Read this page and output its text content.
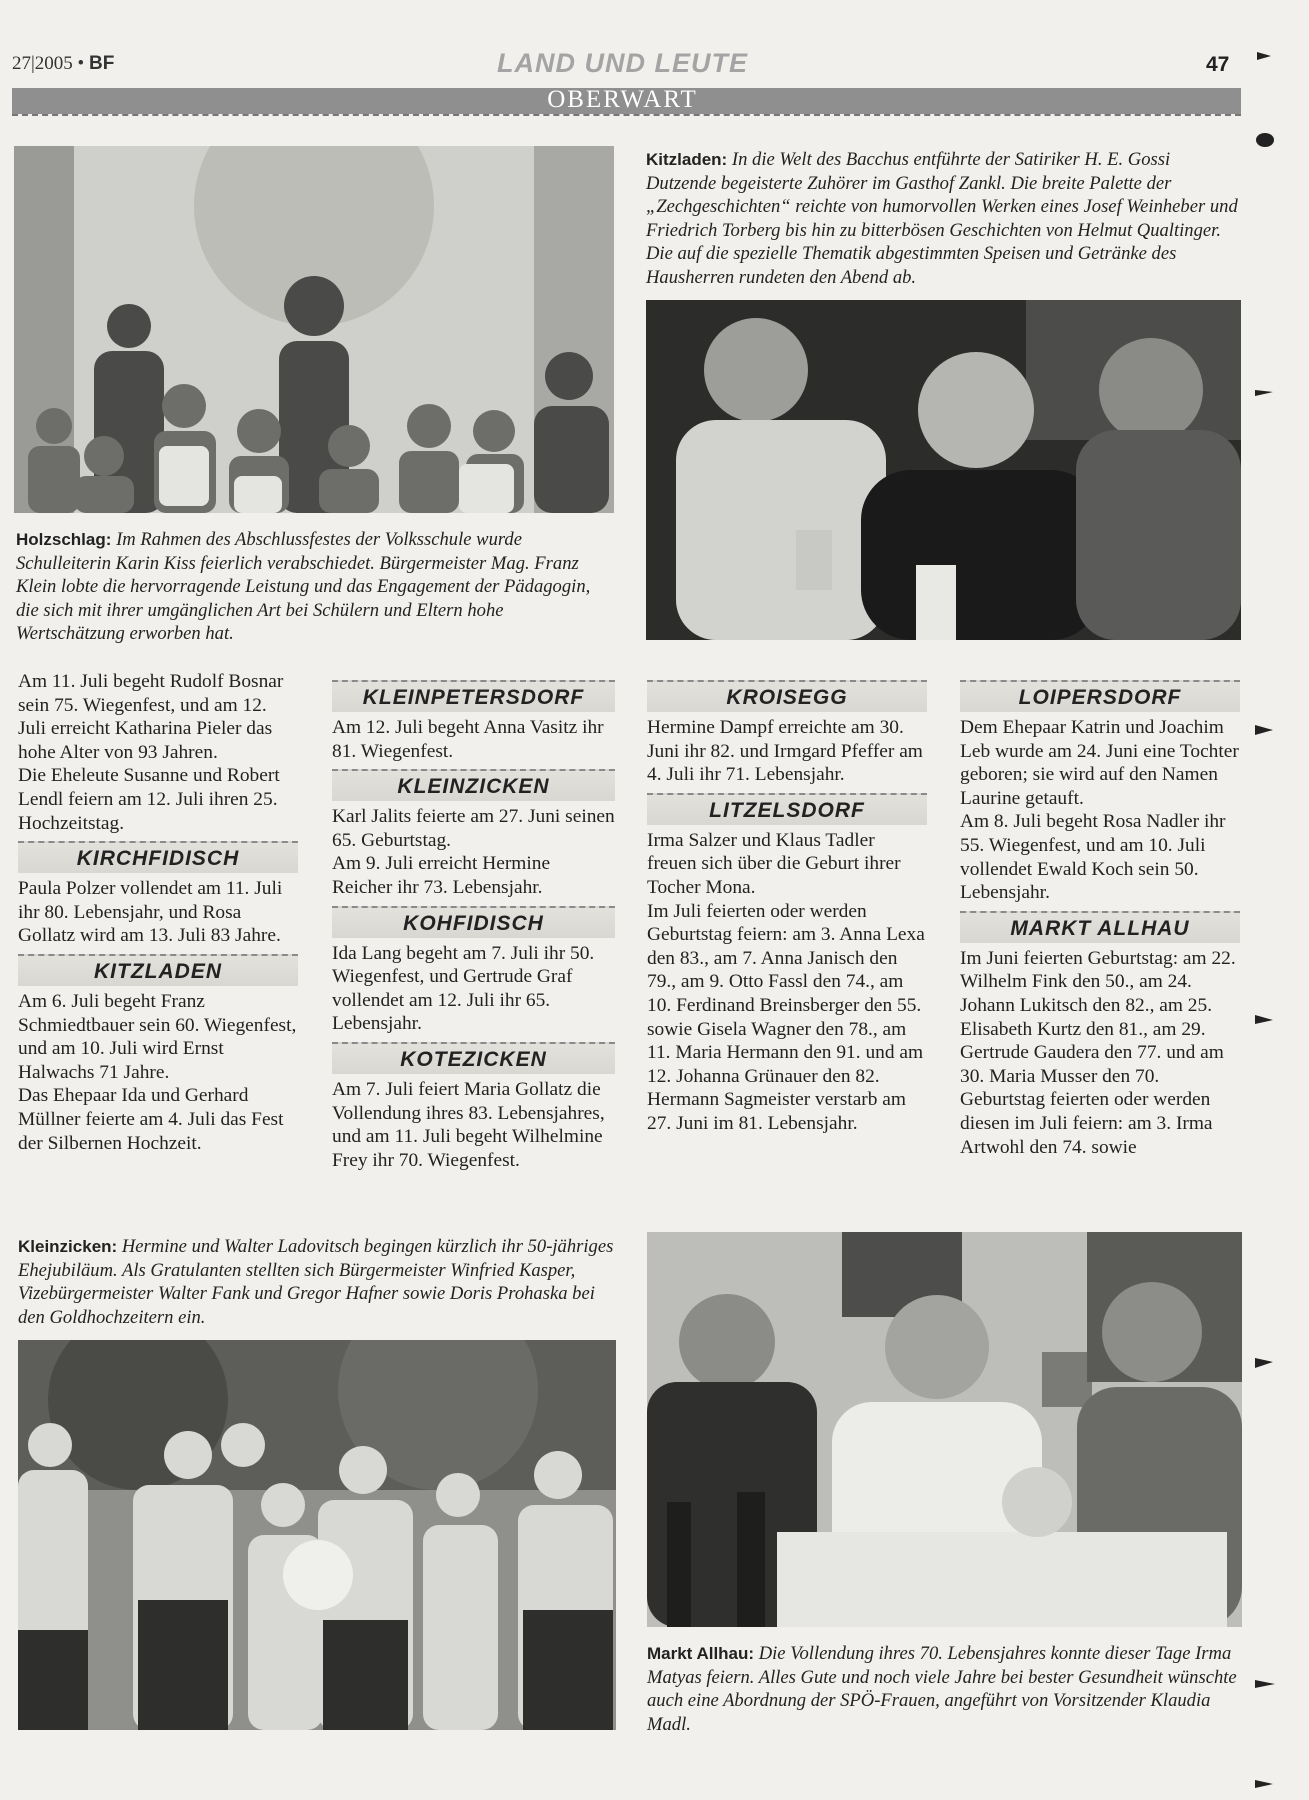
27|2005 • BF	LAND UND LEUTE	47
OBERWART
Kitzladen: In die Welt des Bacchus entführte der Satiriker H. E. Gossi Dutzende begeisterte Zuhörer im Gasthof Zankl. Die breite Palette der „Zechgeschichten“ reichte von humorvollen Werken eines Josef Weinheber und Friedrich Torberg bis hin zu bitterbösen Geschichten von Helmut Qualtinger. Die auf die spezielle Thematik abgestimmten Speisen und Getränke des Hausherren rundeten den Abend ab.
Holzschlag: Im Rahmen des Abschlussfestes der Volksschule wurde Schulleiterin Karin Kiss feierlich verabschiedet. Bürgermeister Mag. Franz Klein lobte die hervorragende Leistung und das Engagement der Pädagogin, die sich mit ihrer umgänglichen Art bei Schülern und Eltern hohe Wertschätzung erworben hat.

Am 11. Juli begeht Rudolf Bosnar sein 75. Wiegenfest, und am 12. Juli erreicht Katharina Pieler das hohe Alter von 93 Jahren.

Die Eheleute Susanne und Robert Lendl feiern am 12. Juli ihren 25. Hochzeitstag.

KIRCHFIDISCH

Paula Polzer vollendet am 11. Juli ihr 80. Lebensjahr, und Rosa Gollatz wird am 13. Juli 83 Jahre.

KITZLADEN

Am 6. Juli begeht Franz Schmiedtbauer sein 60. Wiegenfest, und am 10. Juli wird Ernst Halwachs 71 Jahre.

Das Ehepaar Ida und Gerhard Müllner feierte am 4. Juli das Fest der Silbernen Hochzeit.

KLEINPETERSDORF

Am 12. Juli begeht Anna Vasitz ihr 81. Wiegenfest.

KLEINZICKEN

Karl Jalits feierte am 27. Juni seinen 65. Geburtstag.

Am 9. Juli erreicht Hermine Reicher ihr 73. Lebensjahr.

KOHFIDISCH

Ida Lang begeht am 7. Juli ihr 50. Wiegenfest, und Gertrude Graf vollendet am 12. Juli ihr 65. Lebensjahr.

KOTEZICKEN

Am 7. Juli feiert Maria Gollatz die Vollendung ihres 83. Lebensjahres, und am 11. Juli begeht Wilhelmine Frey ihr 70. Wiegenfest.

KROISEGG

Hermine Dampf erreichte am 30. Juni ihr 82. und Irmgard Pfeffer am 4. Juli ihr 71. Lebensjahr.

LITZELSDORF

Irma Salzer und Klaus Tadler freuen sich über die Geburt ihrer Tocher Mona.

Im Juli feierten oder werden Geburtstag feiern: am 3. Anna Lexa den 83., am 7. Anna Janisch den 79., am 9. Otto Fassl den 74., am 10. Ferdinand Breinsberger den 55. sowie Gisela Wagner den 78., am 11. Maria Hermann den 91. und am 12. Johanna Grünauer den 82.

Hermann Sagmeister verstarb am 27. Juni im 81. Lebensjahr.

LOIPERSDORF

Dem Ehepaar Katrin und Joachim Leb wurde am 24. Juni eine Tochter geboren; sie wird auf den Namen Laurine getauft.

Am 8. Juli begeht Rosa Nadler ihr 55. Wiegenfest, und am 10. Juli vollendet Ewald Koch sein 50. Lebensjahr.

MARKT ALLHAU

Im Juni feierten Geburtstag: am 22. Wilhelm Fink den 50., am 24. Johann Lukitsch den 82., am 25. Elisabeth Kurtz den 81., am 29. Gertrude Gaudera den 77. und am 30. Maria Musser den 70.

Geburtstag feierten oder werden diesen im Juli feiern: am 3. Irma Artwohl den 74. sowie

Kleinzicken: Hermine und Walter Ladovitsch begingen kürzlich ihr 50-jähriges Ehejubiläum. Als Gratulanten stellten sich Bürgermeister Winfried Kasper, Vizebürgermeister Walter Fank und Gregor Hafner sowie Doris Prohaska bei den Goldhochzeitern ein.
Markt Allhau: Die Vollendung ihres 70. Lebensjahres konnte dieser Tage Irma Matyas feiern. Alles Gute und noch viele Jahre bei bester Gesundheit wünschte auch eine Abordnung der SPÖ-Frauen, angeführt von Vorsitzender Klaudia Madl.
